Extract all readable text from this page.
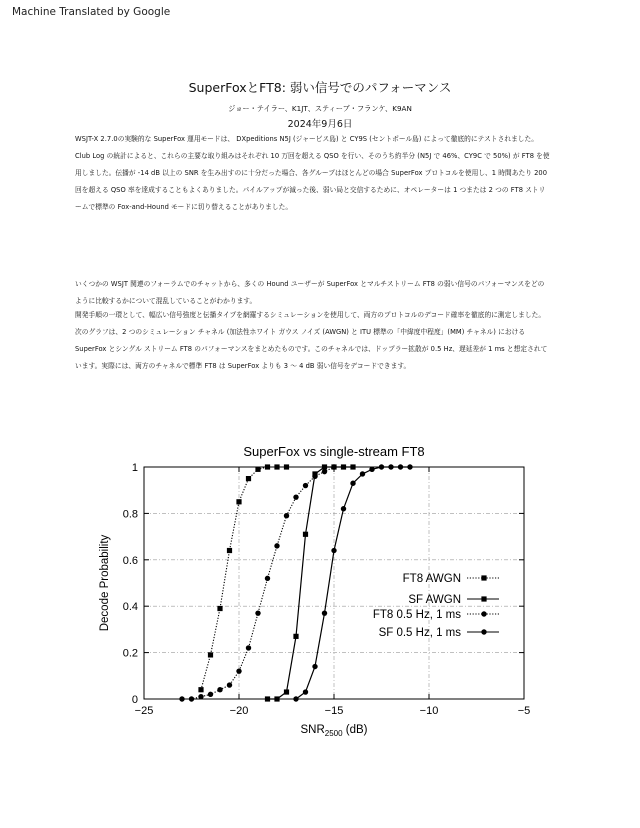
Machine Translated by Google
SuperFoxとFT8: 弱い信号でのパフォーマンス
ジョー・テイラー、K1JT、スティーブ・フランケ、K9AN
2024年9月6日
WSJT-X 2.7.0の実験的な SuperFox 運用モードは、 DXpeditions N5J (ジャービス島) と CY9S (セントポール島) によって徹底的にテストされました。Club Log の統計によると、これらの主要な取り組みはそれぞれ 10 万回を超える QSO を行い、そのうち約半分 (N5J で 46%、CY9C で 50%) が FT8 を使用しました。伝播が -14 dB 以上の SNR を生み出すのに十分だった場合、各グループはほとんどの場合 SuperFox プロトコルを使用し、1 時間あたり 200 回を超える QSO 率を達成することもよくありました。パイルアップが減った後、弱い局と交信するために、オペレーターは 1 つまたは 2 つの FT8 ストリームで標準の Fox-and-Hound モードに切り替えることがありました。
いくつかの WSJT 関連のフォーラムでのチャットから、多くの Hound ユーザーが SuperFox とマルチストリーム FT8 の弱い信号のパフォーマンスをどのように比較するかについて混乱していることがわかります。
開発手順の一環として、幅広い信号強度と伝播タイプを網羅するシミュレーションを使用して、両方のプロトコルのデコード確率を徹底的に測定しました。次のグラフは、2 つのシミュレーション チャネル (加法性ホワイト ガウス ノイズ (AWGN) と ITU 標準の「中緯度中程度」(MM) チャネル) における SuperFox とシングル ストリーム FT8 のパフォーマンスをまとめたものです。このチャネルでは、ドップラー拡散が 0.5 Hz、遅延差が 1 ms と想定されています。実際には、両方のチャネルで標準 FT8 は SuperFox よりも 3 ～ 4 dB 弱い信号をデコードできます。
−25	−20	−15	−10	−5
0
0.2
0.4
0.6
0.8
1
FT8 AWGN
SF AWGN
FT8 0.5 Hz, 1 ms
SF 0.5 Hz, 1 ms
SuperFox vs single-stream FT8
Decode Probability
$SNR_{2500}$ (dB)
